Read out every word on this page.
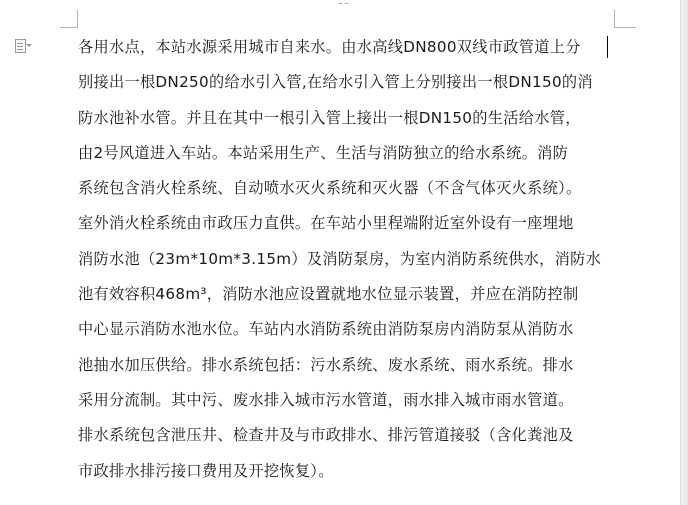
各用水点，本站水源采用城市自来水。由水高线DN800双线市政管道上分
别接出一根DN250的给水引入管,在给水引入管上分别接出一根DN150的消
防水池补水管。并且在其中一根引入管上接出一根DN150的生活给水管，
由2号风道进入车站。本站采用生产、生活与消防独立的给水系统。消防
系统包含消火栓系统、自动喷水灭火系统和灭火器（不含气体灭火系统）。
室外消火栓系统由市政压力直供。在车站小里程端附近室外设有一座埋地
消防水池（23m*10m*3.15m）及消防泵房，为室内消防系统供水，消防水
池有效容积468m³，消防水池应设置就地水位显示装置，并应在消防控制
中心显示消防水池水位。车站内水消防系统由消防泵房内消防泵从消防水
池抽水加压供给。排水系统包括：污水系统、废水系统、雨水系统。排水
采用分流制。其中污、废水排入城市污水管道，雨水排入城市雨水管道。
排水系统包含泄压井、检查井及与市政排水、排污管道接驳（含化粪池及
市政排水排污接口费用及开挖恢复）。
